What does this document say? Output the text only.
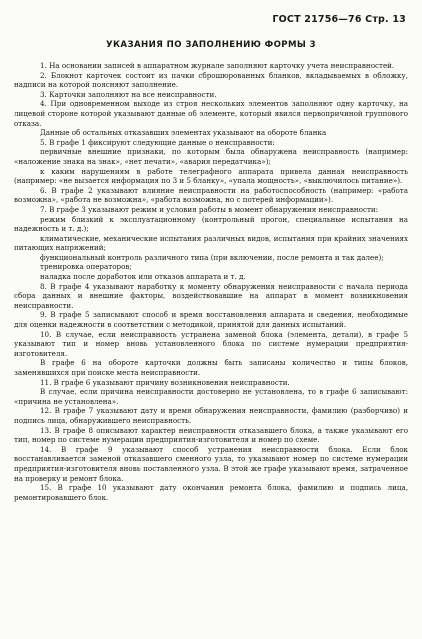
ГОСТ 21756—76 Стр. 13
УКАЗАНИЯ ПО ЗАПОЛНЕНИЮ ФОРМЫ 3

1. На основании записей в аппаратном журнале заполняют карточку учета неисправностей.

2. Блокнот карточек состоит из пачки сброшюрованных бланков, вкладываемых в обложку, надписи на которой поясняют заполнение.

3. Карточки заполняют на все неисправности.

4. При одновременном выходе из строя нескольких элементов заполняют одну карточку, на лицевой стороне которой указывают данные об элементе, который явился первопричиной группового отказа.

Данные об остальных отказавших элементах указывают на обороте бланка

5. В графе 1 фиксируют следующие данные о неисправности:

первичные внешние признаки, по которым была обнаружена неисправность (например: «наложение знака на знак», «нет печати», «авария передатчика»);

к каким нарушениям в работе телеграфного аппарата привела данная неисправность (например: «не вызается информация по 3 и 5 бланку», «упала мощность», «выключилось питание»).

6. В графе 2 указывают влияние неисправности на работоспособность (например: «работа возможна», «работа не возможна», «работа возможна, но с потерей информации»).

7. В графе 3 указывают режим и условия работы в момент обнаружения неисправности:

режим близкий к эксплуатационному (контрольный прогон, специальные испытания на надежность и т. д.);

климатические, механические испытания различных видов, испытания при крайних значениях питающих напряжений;

функциональный контроль различного типа (при включении, после ремонта и так далее);

тренировка операторов;

наладка после доработок или отказов аппарата и т. д.

8. В графе 4 указывают наработку к моменту обнаружения неисправности с начала периода сбора данных и внешние факторы, воздействовавшие на аппарат в момент возникновения неисправности.

9. В графе 5 записывают способ и время восстановления аппарата и сведения, необходимые для оценки надежности в соответствии с методикой, принятой для данных испытаний.

10. В случае, если неисправность устранена заменой блока (элемента, детали), в графе 5 указывают тип и номер вновь установленного блока по системе нумерации предприятия-изготовителя.

В графе 6 на обороте карточки должны быть записаны количество и типы блоков, заменявшихся при поиске места неисправности.

11. В графе 6 указывают причину возникновения неисправности.

В случае, если причина неисправности достоверно не установлена, то в графе 6 записывают: «причина не установлена».

12. В графе 7 указывают дату и время обнаружения неисправности, фамилию (разборчиво) и подпись лица, обнаружившего неисправность.

13. В графе 8 описывают характер неисправности отказавшего блока, а также указывают его тип, номер по системе нумерации предприятия-изготовителя и номер по схеме.

14. В графе 9 указывают способ устранения неисправности блока. Если блок восстанавливается заменой отказавшего сменного узла, то указывают номер по системе нумерации предприятия-изготовителя вновь поставленного узла. В этой же графе указывают время, затраченное на проверку и ремонт блока.

15. В графе 10 указывают дату окончания ремонта блока, фамилию и подпись лица, ремонтировавшего блок.
